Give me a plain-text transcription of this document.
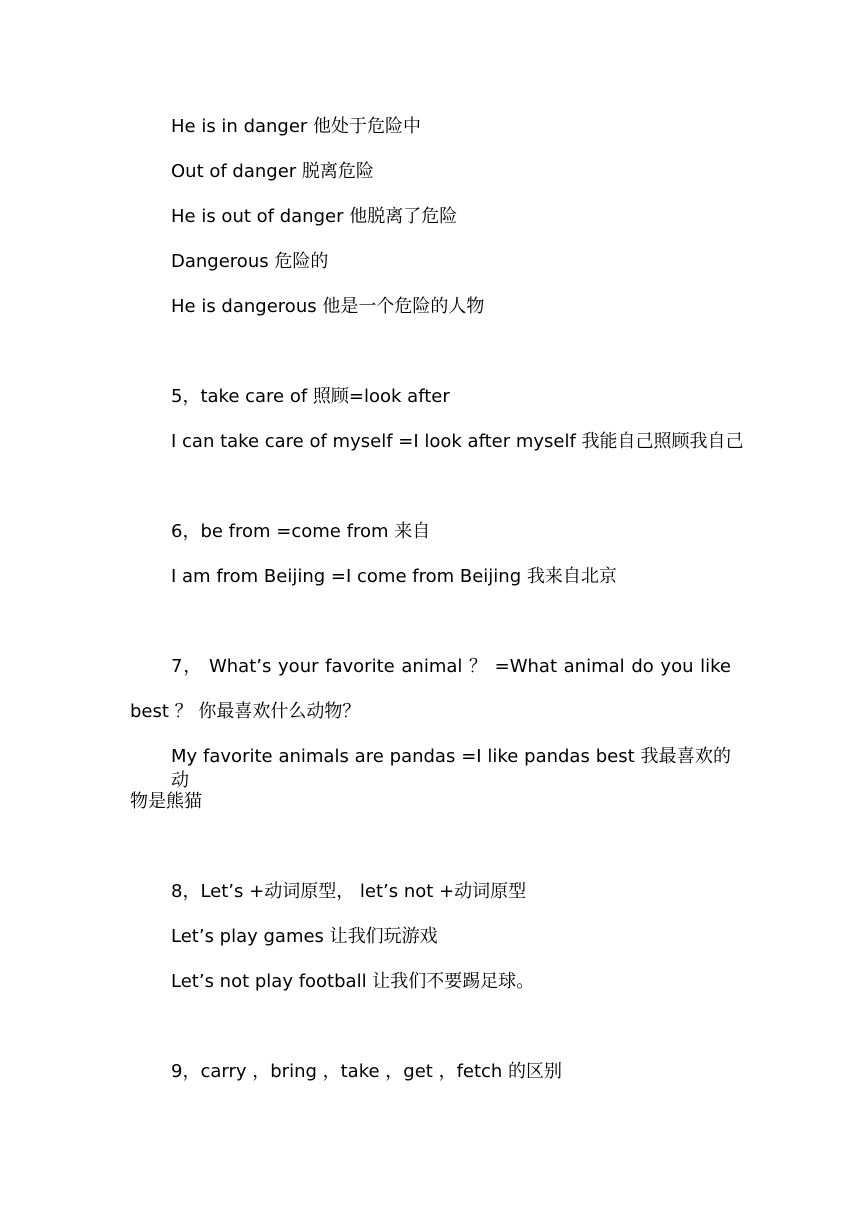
He is in danger 他处于危险中
Out of danger 脱离危险
He is out of danger 他脱离了危险
Dangerous 危险的
He is dangerous 他是一个危险的人物
5，take care of 照顾=look after
I can take care of myself =I look after myself 我能自己照顾我自己
6，be from =come from 来自
I am from Beijing =I come from Beijing 我来自北京
7， What’s your favorite animal ？ =What animal do you like
best ？ 你最喜欢什么动物？
My favorite animals are pandas =I like pandas best 我最喜欢的动
物是熊猫
8，Let’s +动词原型， let’s not +动词原型
Let’s play games 让我们玩游戏
Let’s not play football 让我们不要踢足球。
9，carry ，bring ，take ，get ，fetch 的区别
